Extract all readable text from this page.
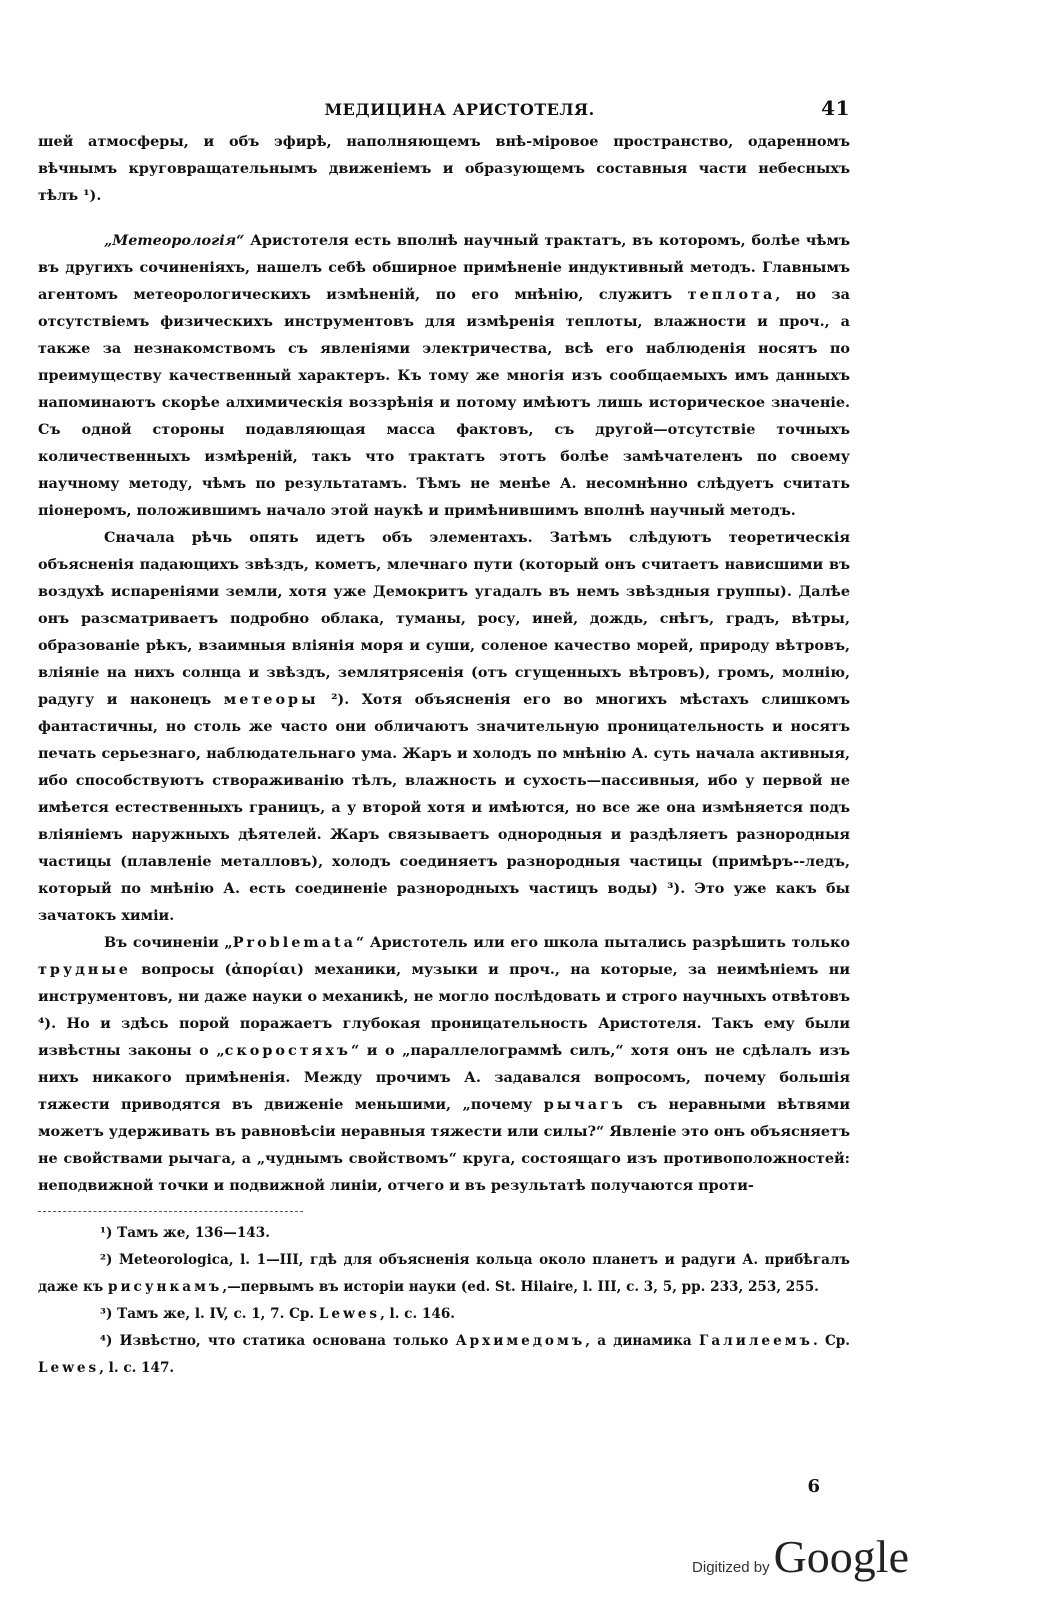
МЕДИЦИНА АРИСТОТЕЛЯ.	41

шей атмосферы, и объ эфирѣ, наполняющемъ внѣ-міровое пространство, одаренномъ вѣчнымъ круговращательнымъ движеніемъ и образующемъ составныя части небесныхъ тѣлъ ¹).

„Метеорологія“ Аристотеля есть вполнѣ научный трактатъ, въ которомъ, болѣе чѣмъ въ другихъ сочиненіяхъ, нашелъ себѣ обширное примѣненіе индуктивный методъ. Главнымъ агентомъ метеорологическихъ измѣненій, по его мнѣнію, служитъ теплота, но за отсутствіемъ физическихъ инструментовъ для измѣренія теплоты, влажности и проч., а также за незнакомствомъ съ явленіями электричества, всѣ его наблюденія носятъ по преимуществу качественный характеръ. Къ тому же многія изъ сообщаемыхъ имъ данныхъ напоминаютъ скорѣе алхимическія воззрѣнія и потому имѣютъ лишь историческое значеніе. Съ одной стороны подавляющая масса фактовъ, съ другой—отсутствіе точныхъ количественныхъ измѣреній, такъ что трактатъ этотъ болѣе замѣчателенъ по своему научному методу, чѣмъ по результатамъ. Тѣмъ не менѣе А. несомнѣнно слѣдуетъ считать піонеромъ, положившимъ начало этой наукѣ и примѣнившимъ вполнѣ научный методъ.

Сначала рѣчь опять идетъ объ элементахъ. Затѣмъ слѣдуютъ теоретическія объясненія падающихъ звѣздъ, кометъ, млечнаго пути (который онъ считаетъ нависшими въ воздухѣ испареніями земли, хотя уже Демокритъ угадалъ въ немъ звѣздныя группы). Далѣе онъ разсматриваетъ подробно облака, туманы, росу, иней, дождь, снѣгъ, градъ, вѣтры, образованіе рѣкъ, взаимныя вліянія моря и суши, соленое качество морей, природу вѣтровъ, вліяніе на нихъ солнца и звѣздъ, землятрясенія (отъ сгущенныхъ вѣтровъ), громъ, молнію, радугу и наконецъ метеоры ²). Хотя объясненія его во многихъ мѣстахъ слишкомъ фантастичны, но столь же часто они обличаютъ значительную проницательность и носятъ печать серьезнаго, наблюдательнаго ума. Жаръ и холодъ по мнѣнію А. суть начала активныя, ибо способствуютъ створаживанію тѣлъ, влажность и сухость—пассивныя, ибо у первой не имѣется естественныхъ границъ, а у второй хотя и имѣются, но все же она измѣняется подъ вліяніемъ наружныхъ дѣятелей. Жаръ связываетъ однородныя и раздѣляетъ разнородныя частицы (плавленіе металловъ), холодъ соединяетъ разнородныя частицы (примѣръ--ледъ, который по мнѣнію А. есть соединеніе разнородныхъ частицъ воды) ³). Это уже какъ бы зачатокъ химіи.

Въ сочиненіи „Problemata“ Аристотель или его школа пытались разрѣшить только трудные вопросы (ἀπορίαι) механики, музыки и проч., на которые, за неимѣніемъ ни инструментовъ, ни даже науки о механикѣ, не могло послѣдовать и строго научныхъ отвѣтовъ ⁴). Но и здѣсь порой поражаетъ глубокая проницательность Аристотеля. Такъ ему были извѣстны законы о „скоростяхъ“ и о „параллелограммѣ силъ,“ хотя онъ не сдѣлалъ изъ нихъ никакого примѣненія. Между прочимъ А. задавался вопросомъ, почему большія тяжести приводятся въ движеніе меньшими, „почему рычагъ съ неравными вѣтвями можетъ удерживать въ равновѣсіи неравныя тяжести или силы?“ Явленіе это онъ объясняетъ не свойствами рычага, а „чуднымъ свойствомъ“ круга, состоящаго изъ противоположностей: неподвижной точки и подвижной линіи, отчего и въ результатѣ получаются проти-

¹) Тамъ же, 136—143.

²) Meteorologica, l. 1—III, гдѣ для объясненія кольца около планетъ и радуги А. прибѣгалъ даже къ рисункамъ,—первымъ въ исторіи науки (ed. St. Hilaire, l. III, c. 3, 5, pp. 233, 253, 255.

³) Тамъ же, l. IV, c. 1, 7. Ср. Lewes, l. c. 146.

⁴) Извѣстно, что статика основана только Архимедомъ, а динамика Галилеемъ. Ср. Lewes, l. c. 147.

6
Digitized by Google
